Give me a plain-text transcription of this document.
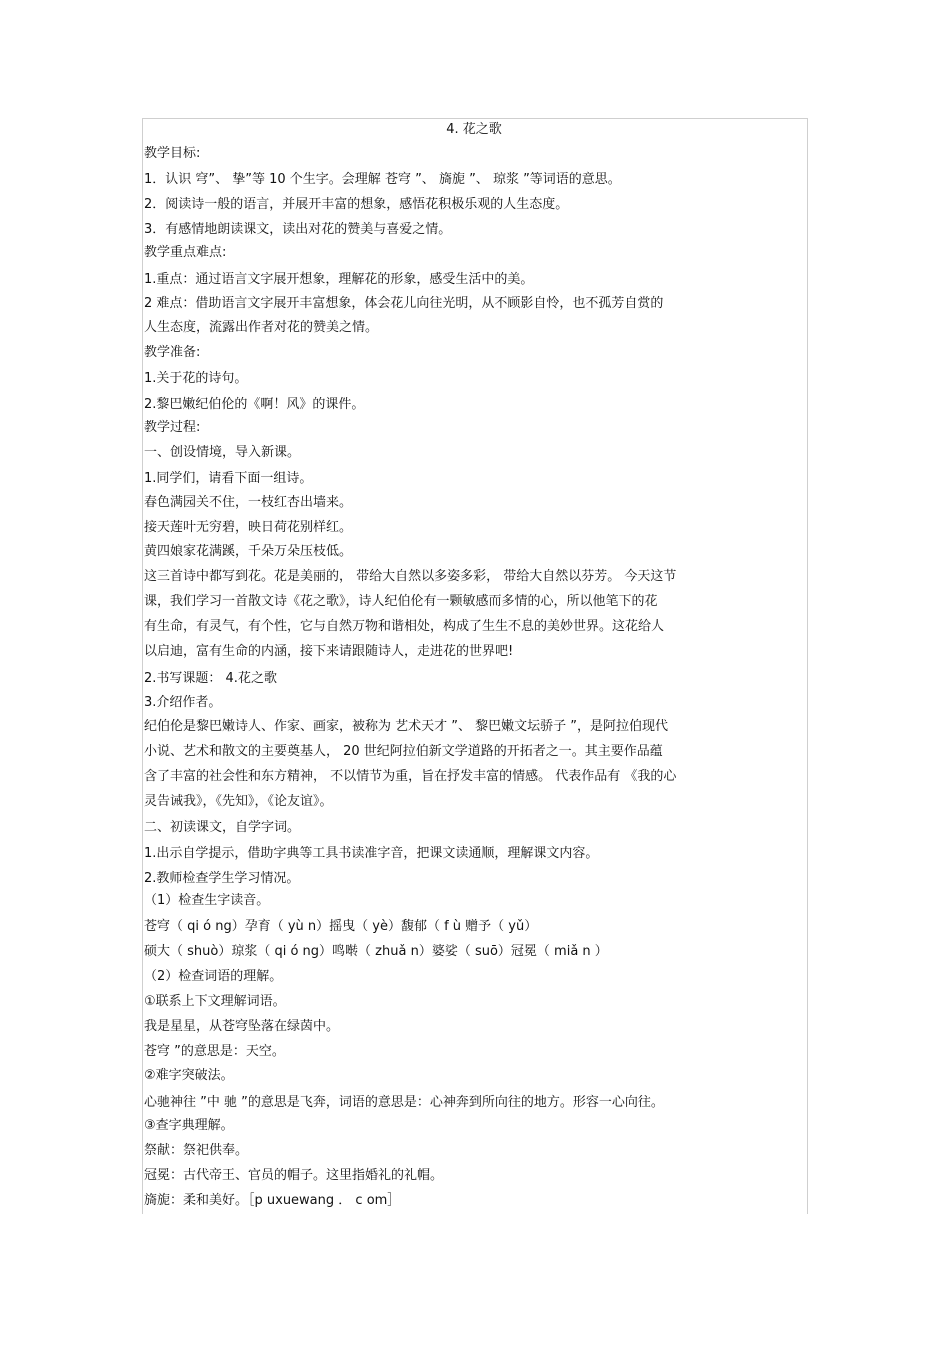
4. 花之歌

教学目标:

1．认识 穹”、 挚”等 10 个生字。会理解 苍穹 ”、 旖旎 ”、 琼浆 ”等词语的意思。

2．阅读诗一般的语言，并展开丰富的想象，感悟花积极乐观的人生态度。

3．有感情地朗读课文，读出对花的赞美与喜爱之情。

教学重点难点:

1.重点：通过语言文字展开想象，理解花的形象，感受生活中的美。

2 难点：借助语言文字展开丰富想象，体会花儿向往光明，从不顾影自怜，也不孤芳自赏的

人生态度，流露出作者对花的赞美之情。

教学准备:

1.关于花的诗句。

2.黎巴嫩纪伯伦的《啊！风》的课件。

教学过程:

一、创设情境，导入新课。

1.同学们，请看下面一组诗。

春色满园关不住，一枝红杏出墙来。

接天莲叶无穷碧，映日荷花别样红。

黄四娘家花满蹊，千朵万朵压枝低。

这三首诗中都写到花。花是美丽的， 带给大自然以多姿多彩， 带给大自然以芬芳。 今天这节

课，我们学习一首散文诗《花之歌》，诗人纪伯伦有一颗敏感而多情的心，所以他笔下的花

有生命，有灵气，有个性，它与自然万物和谐相处，构成了生生不息的美妙世界。这花给人

以启迪，富有生命的内涵，接下来请跟随诗人，走进花的世界吧!

2.书写课题： 4.花之歌

3.介绍作者。

纪伯伦是黎巴嫩诗人、作家、画家，被称为 艺术天才 ”、 黎巴嫩文坛骄子 ”，是阿拉伯现代

小说、艺术和散文的主要奠基人， 20 世纪阿拉伯新文学道路的开拓者之一。其主要作品蕴

含了丰富的社会性和东方精神， 不以情节为重，旨在抒发丰富的情感。 代表作品有 《我的心

灵告诫我》，《先知》，《论友谊》。

二、初读课文，自学字词。

1.出示自学提示，借助字典等工具书读准字音，把课文读通顺，理解课文内容。

2.教师检查学生学习情况。

（1）检查生字读音。

苍穹（ qi ó ng）孕育（ yù n）摇曳（ yè）馥郁（ f ù 赠予（ yǔ）

硕大（ shuò）琼浆（ qi ó ng）鸣啭（ zhuǎ n）婆娑（ suō）冠冕（ miǎ n ）

（2）检查词语的理解。

①联系上下文理解词语。

我是星星，从苍穹坠落在绿茵中。

苍穹 ”的意思是：天空。

②难字突破法。

心驰神往 ”中 驰 ”的意思是飞奔，词语的意思是：心神奔到所向往的地方。形容一心向往。

③查字典理解。

祭献：祭祀供奉。

冠冕：古代帝王、官员的帽子。这里指婚礼的礼帽。

旖旎：柔和美好。［p uxuewang ． c om］
